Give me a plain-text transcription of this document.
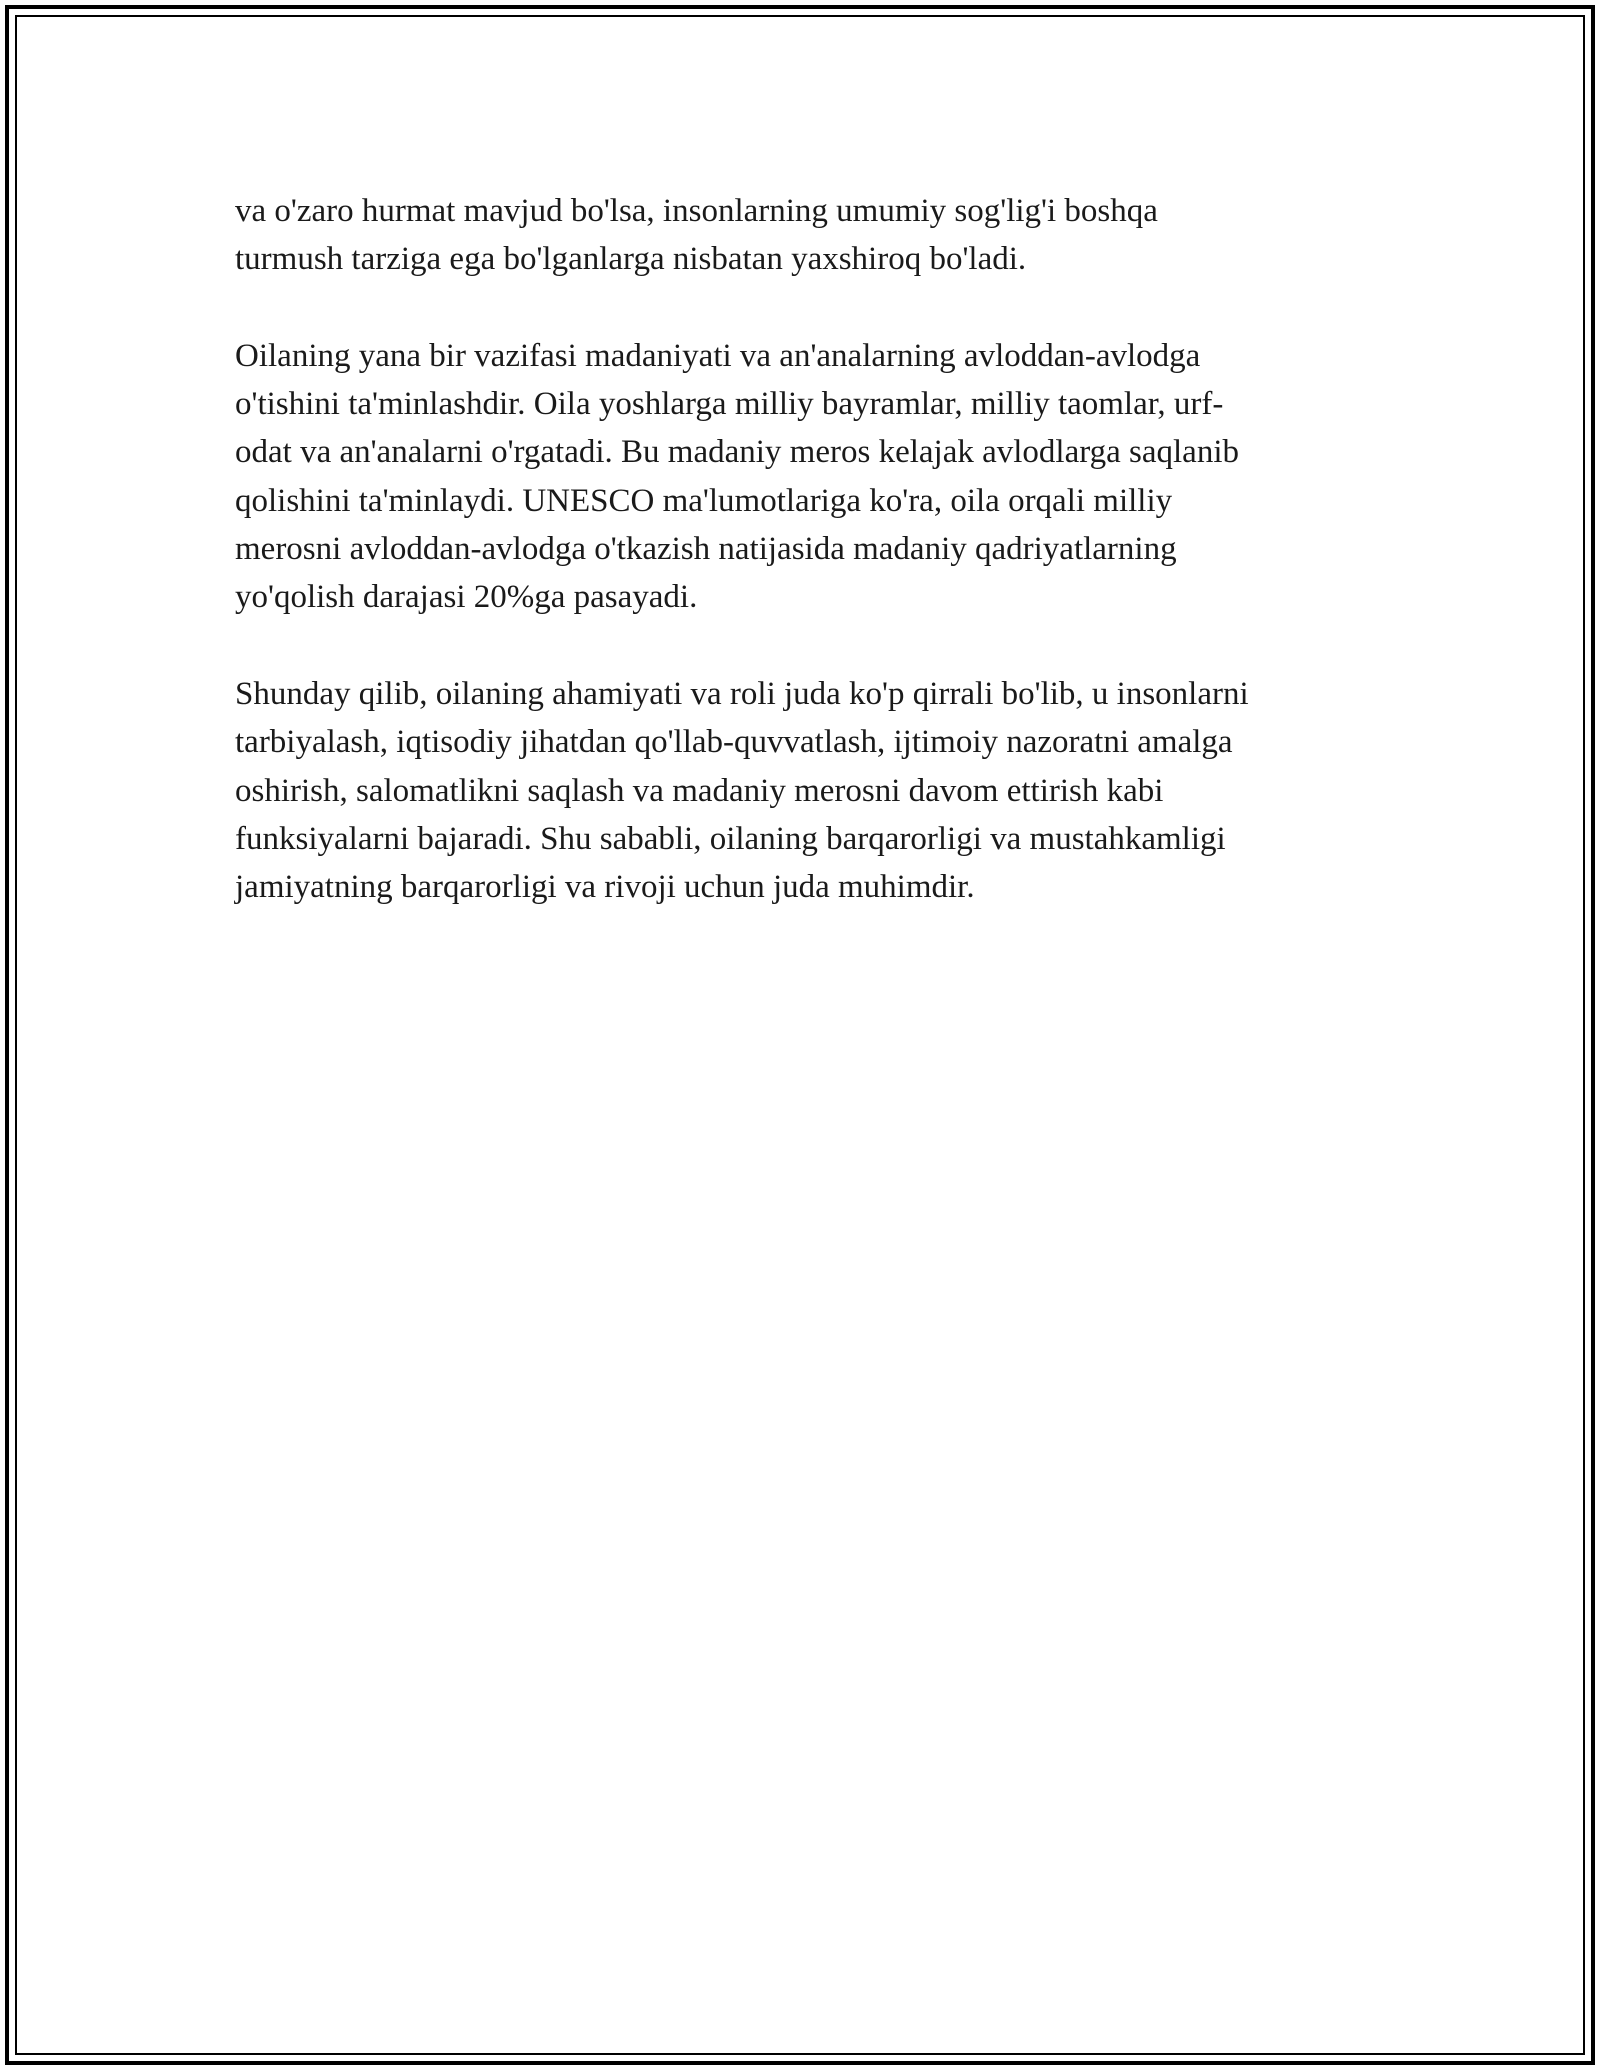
va o'zaro hurmat mavjud bo'lsa, insonlarning umumiy sog'lig'i boshqa
turmush tarziga ega bo'lganlarga nisbatan yaxshiroq bo'ladi.

Oilaning yana bir vazifasi madaniyati va an'analarning avloddan-avlodga
o'tishini ta'minlashdir. Oila yoshlarga milliy bayramlar, milliy taomlar, urf-
odat va an'analarni o'rgatadi. Bu madaniy meros kelajak avlodlarga saqlanib
qolishini ta'minlaydi. UNESCO ma'lumotlariga ko'ra, oila orqali milliy
merosni avloddan-avlodga o'tkazish natijasida madaniy qadriyatlarning
yo'qolish darajasi 20%ga pasayadi.

Shunday qilib, oilaning ahamiyati va roli juda ko'p qirrali bo'lib, u insonlarni
tarbiyalash, iqtisodiy jihatdan qo'llab-quvvatlash, ijtimoiy nazoratni amalga
oshirish, salomatlikni saqlash va madaniy merosni davom ettirish kabi
funksiyalarni bajaradi. Shu sababli, oilaning barqarorligi va mustahkamligi
jamiyatning barqarorligi va rivoji uchun juda muhimdir.
